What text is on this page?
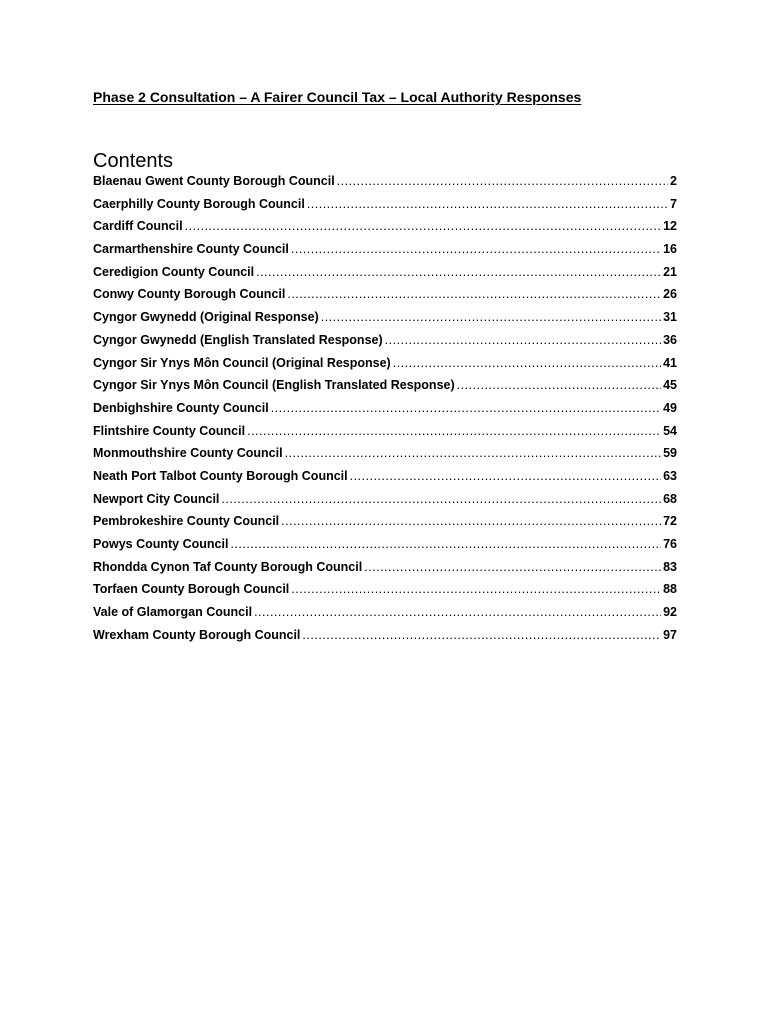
Phase 2 Consultation – A Fairer Council Tax – Local Authority Responses
Contents
Blaenau Gwent County Borough Council .....	2
Caerphilly County Borough Council .....	7
Cardiff Council .....	12
Carmarthenshire County Council .....	16
Ceredigion County Council .....	21
Conwy County Borough Council .....	26
Cyngor Gwynedd (Original Response) .....	31
Cyngor Gwynedd (English Translated Response) .....	36
Cyngor Sir Ynys Môn Council (Original Response) .....	41
Cyngor Sir Ynys Môn Council (English Translated Response) .....	45
Denbighshire County Council .....	49
Flintshire County Council .....	54
Monmouthshire County Council .....	59
Neath Port Talbot County Borough Council .....	63
Newport City Council .....	68
Pembrokeshire County Council .....	72
Powys County Council .....	76
Rhondda Cynon Taf County Borough Council .....	83
Torfaen County Borough Council .....	88
Vale of Glamorgan Council .....	92
Wrexham County Borough Council .....	97
